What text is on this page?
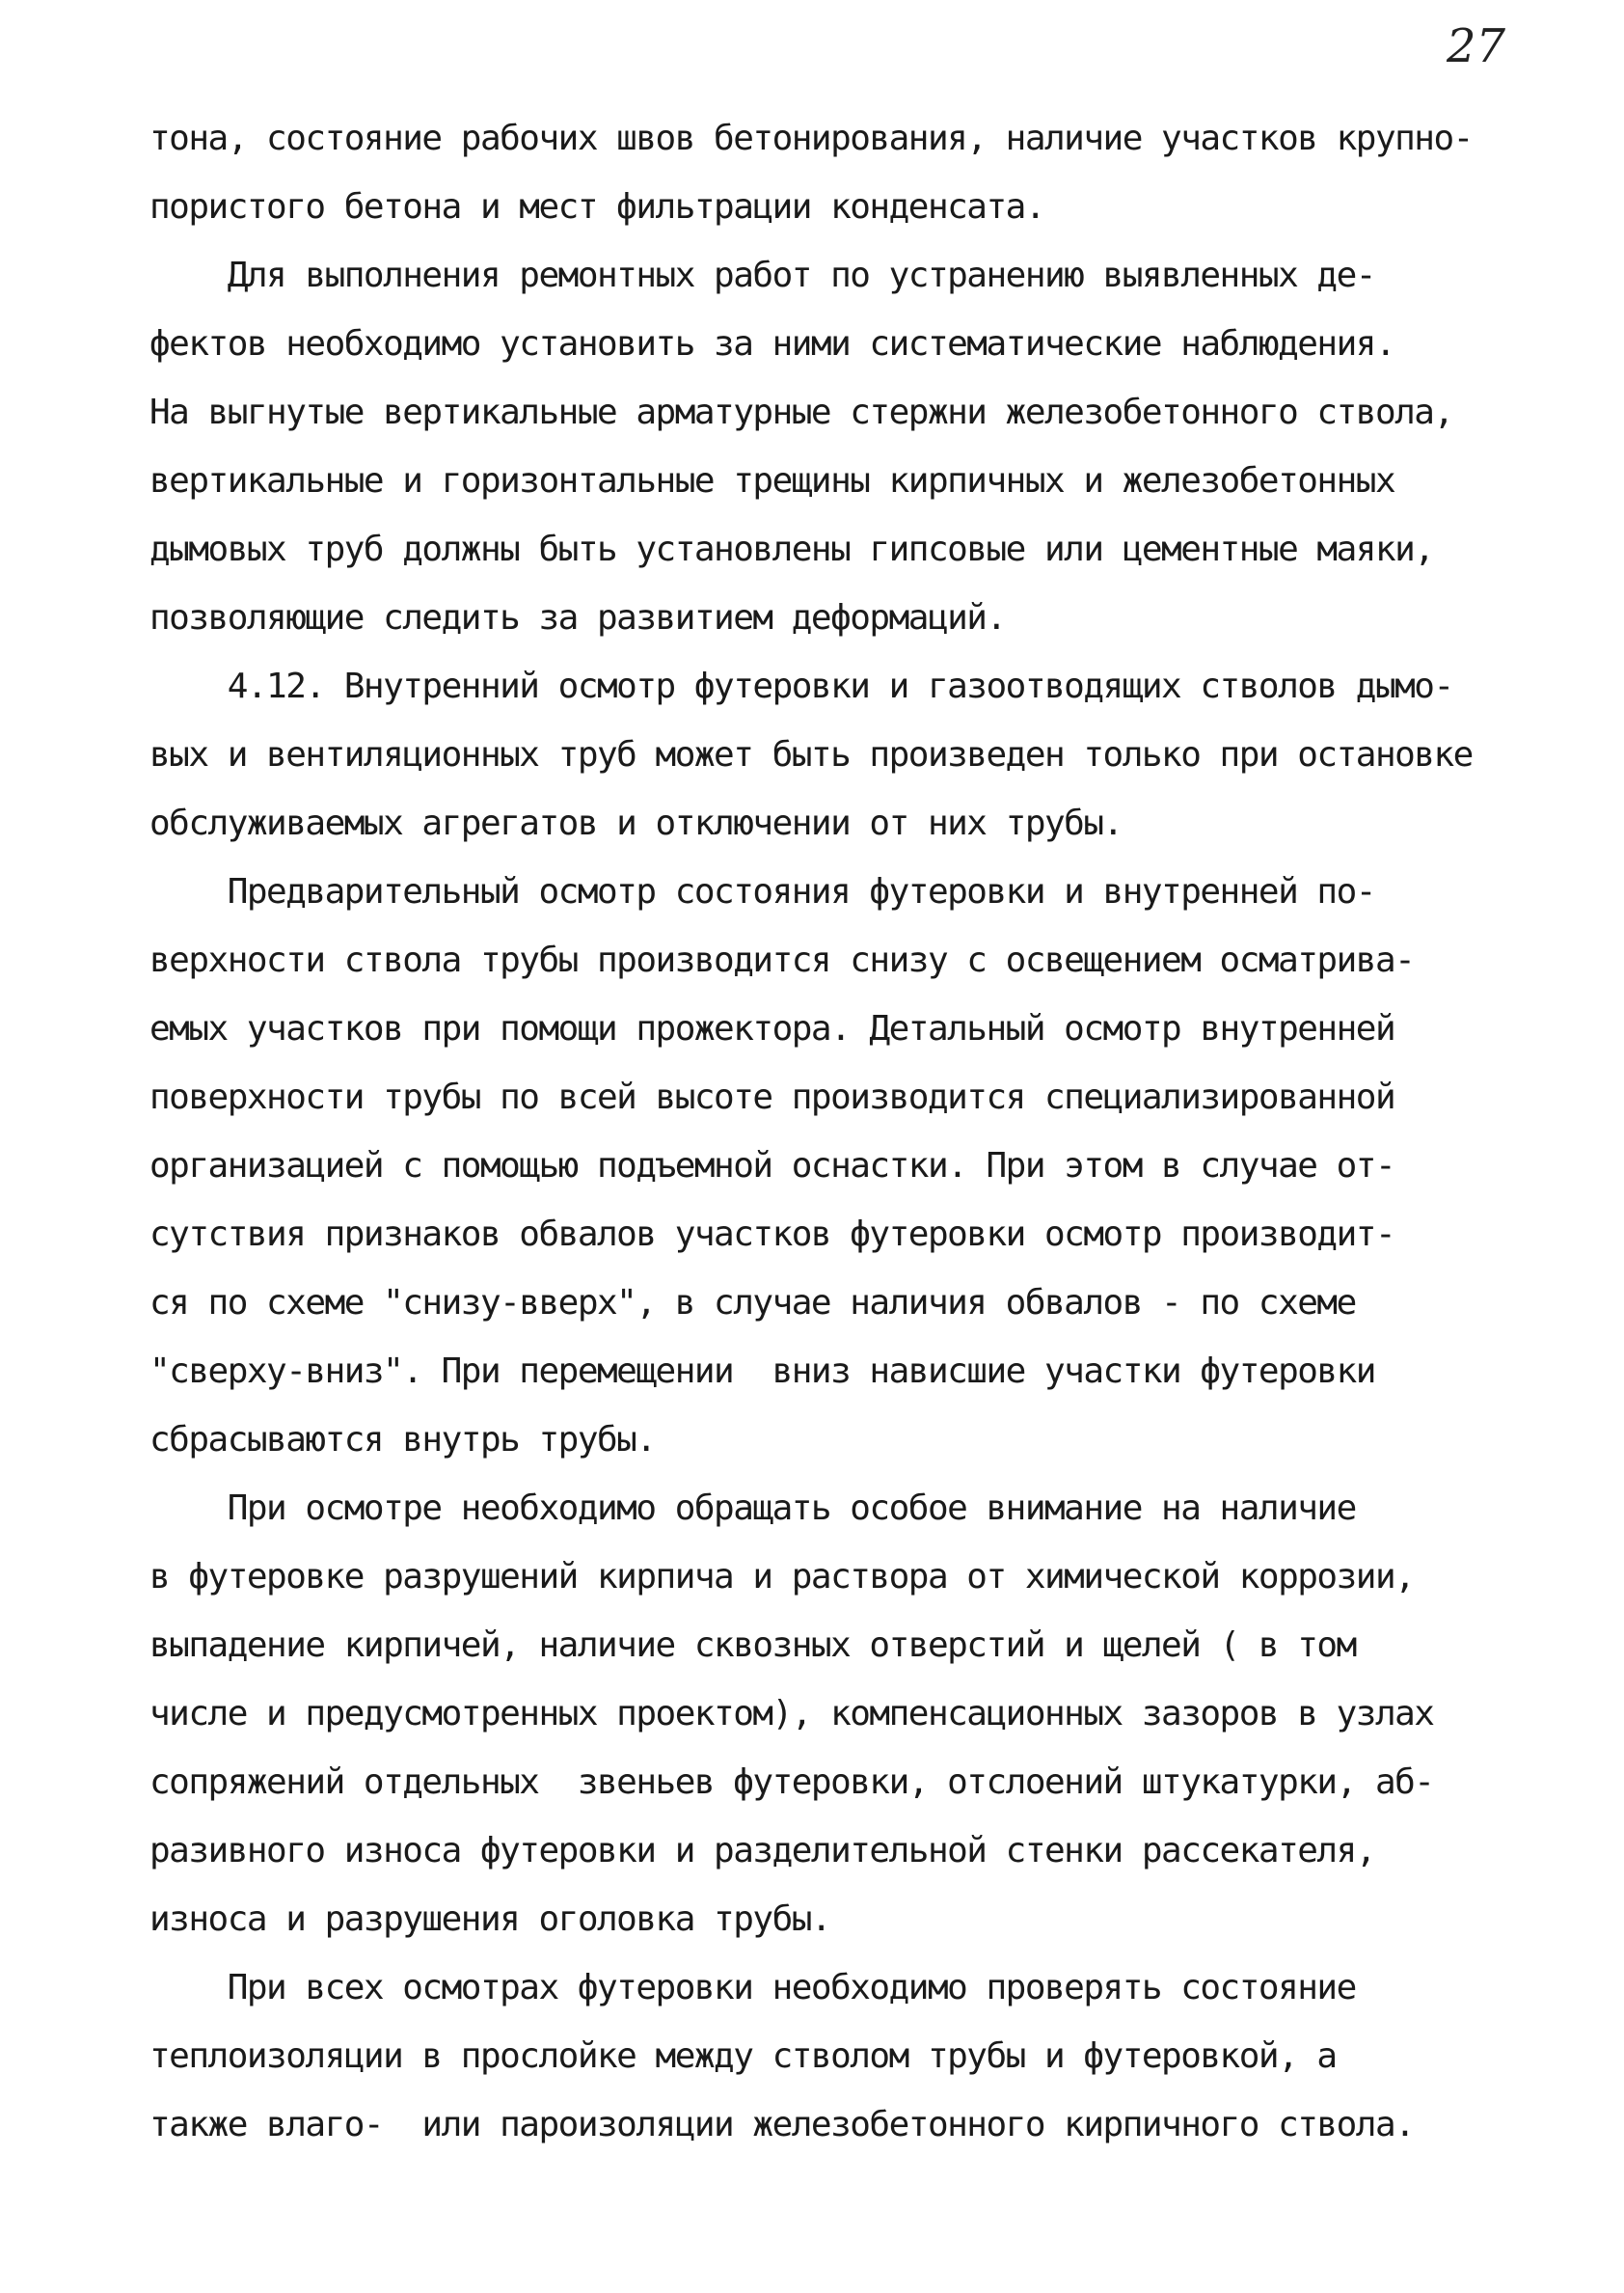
27
тона, состояние рабочих швов бетонирования, наличие участков крупно-
пористого бетона и мест фильтрации конденсата.
Для выполнения ремонтных работ по устранению выявленных де-
фектов необходимо установить за ними систематические наблюдения.
На выгнутые вертикальные арматурные стержни железобетонного ствола,
вертикальные и горизонтальные трещины кирпичных и железобетонных
дымовых труб должны быть установлены гипсовые или цементные маяки,
позволяющие следить за развитием деформаций.
4.12. Внутренний осмотр футеровки и газоотводящих стволов дымо-
вых и вентиляционных труб может быть произведен только при остановке
обслуживаемых агрегатов и отключении от них трубы.
Предварительный осмотр состояния футеровки и внутренней по-
верхности ствола трубы производится снизу с освещением осматрива-
емых участков при помощи прожектора. Детальный осмотр внутренней
поверхности трубы по всей высоте производится специализированной
организацией с помощью подъемной оснастки. При этом в случае от-
сутствия признаков обвалов участков футеровки осмотр производит-
ся по схеме "снизу-вверх", в случае наличия обвалов - по схеме
"сверху-вниз". При перемещении  вниз нависшие участки футеровки
сбрасываются внутрь трубы.
При осмотре необходимо обращать особое внимание на наличие
в футеровке разрушений кирпича и раствора от химической коррозии,
выпадение кирпичей, наличие сквозных отверстий и щелей ( в том
числе и предусмотренных проектом), компенсационных зазоров в узлах
сопряжений отдельных  звеньев футеровки, отслоений штукатурки, аб-
разивного износа футеровки и разделительной стенки рассекателя,
износа и разрушения оголовка трубы.
При всех осмотрах футеровки необходимо проверять состояние
теплоизоляции в прослойке между стволом трубы и футеровкой, а
также влаго-  или пароизоляции железобетонного кирпичного ствола.
